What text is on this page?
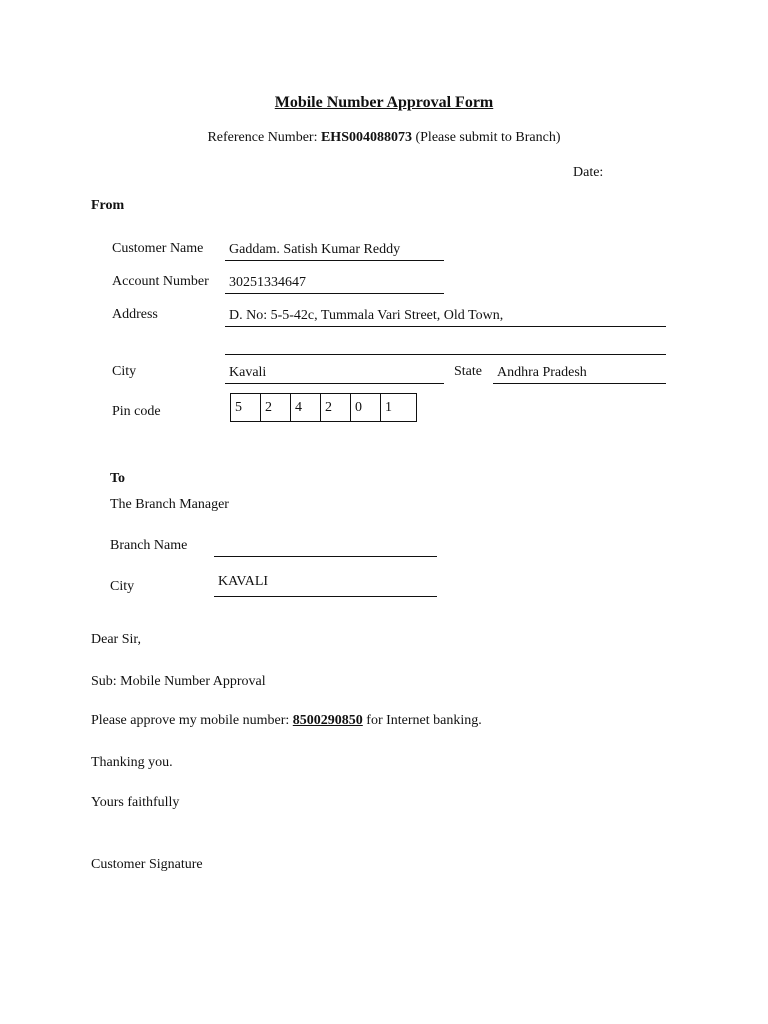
Mobile Number Approval Form
Reference Number: EHS004088073 (Please submit to Branch)
Date:
From
Customer Name Gaddam. Satish Kumar Reddy
Account Number 30251334647
Address	D. No: 5-5-42c, Tummala Vari Street, Old Town,
City	Kavali	State Andhra Pradesh
Pin code	5	2	4	2	0	1
To
The Branch Manager
Branch Name
City	KAVALI
Dear Sir,
Sub: Mobile Number Approval
Please approve my mobile number: 8500290850 for Internet banking.
Thanking you.
Yours faithfully
Customer Signature
